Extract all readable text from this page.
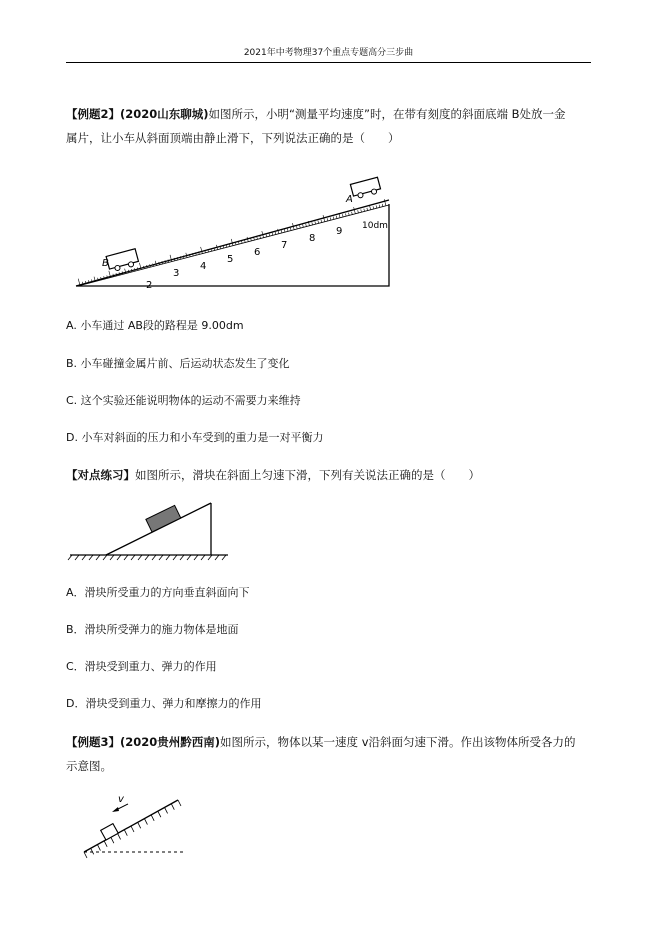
2021年中考物理37个重点专题高分三步曲
【例题2】(2020山东聊城)如图所示，小明“测量平均速度”时，在带有刻度的斜面底端 B处放一金
属片，让小车从斜面顶端由静止滑下，下列说法正确的是（　　）
A
B
2
3
4
5
6
7
8
9 10dm
A. 小车通过 AB段的路程是 9.00dm
B. 小车碰撞金属片前、后运动状态发生了变化
C. 这个实验还能说明物体的运动不需要力来维持
D. 小车对斜面的压力和小车受到的重力是一对平衡力
【对点练习】如图所示，滑块在斜面上匀速下滑，下列有关说法正确的是（　　）
A．滑块所受重力的方向垂直斜面向下
B．滑块所受弹力的施力物体是地面
C．滑块受到重力、弹力的作用
D．滑块受到重力、弹力和摩擦力的作用
【例题3】(2020贵州黔西南)如图所示，物体以某一速度 v沿斜面匀速下滑。作出该物体所受各力的
示意图。
v
